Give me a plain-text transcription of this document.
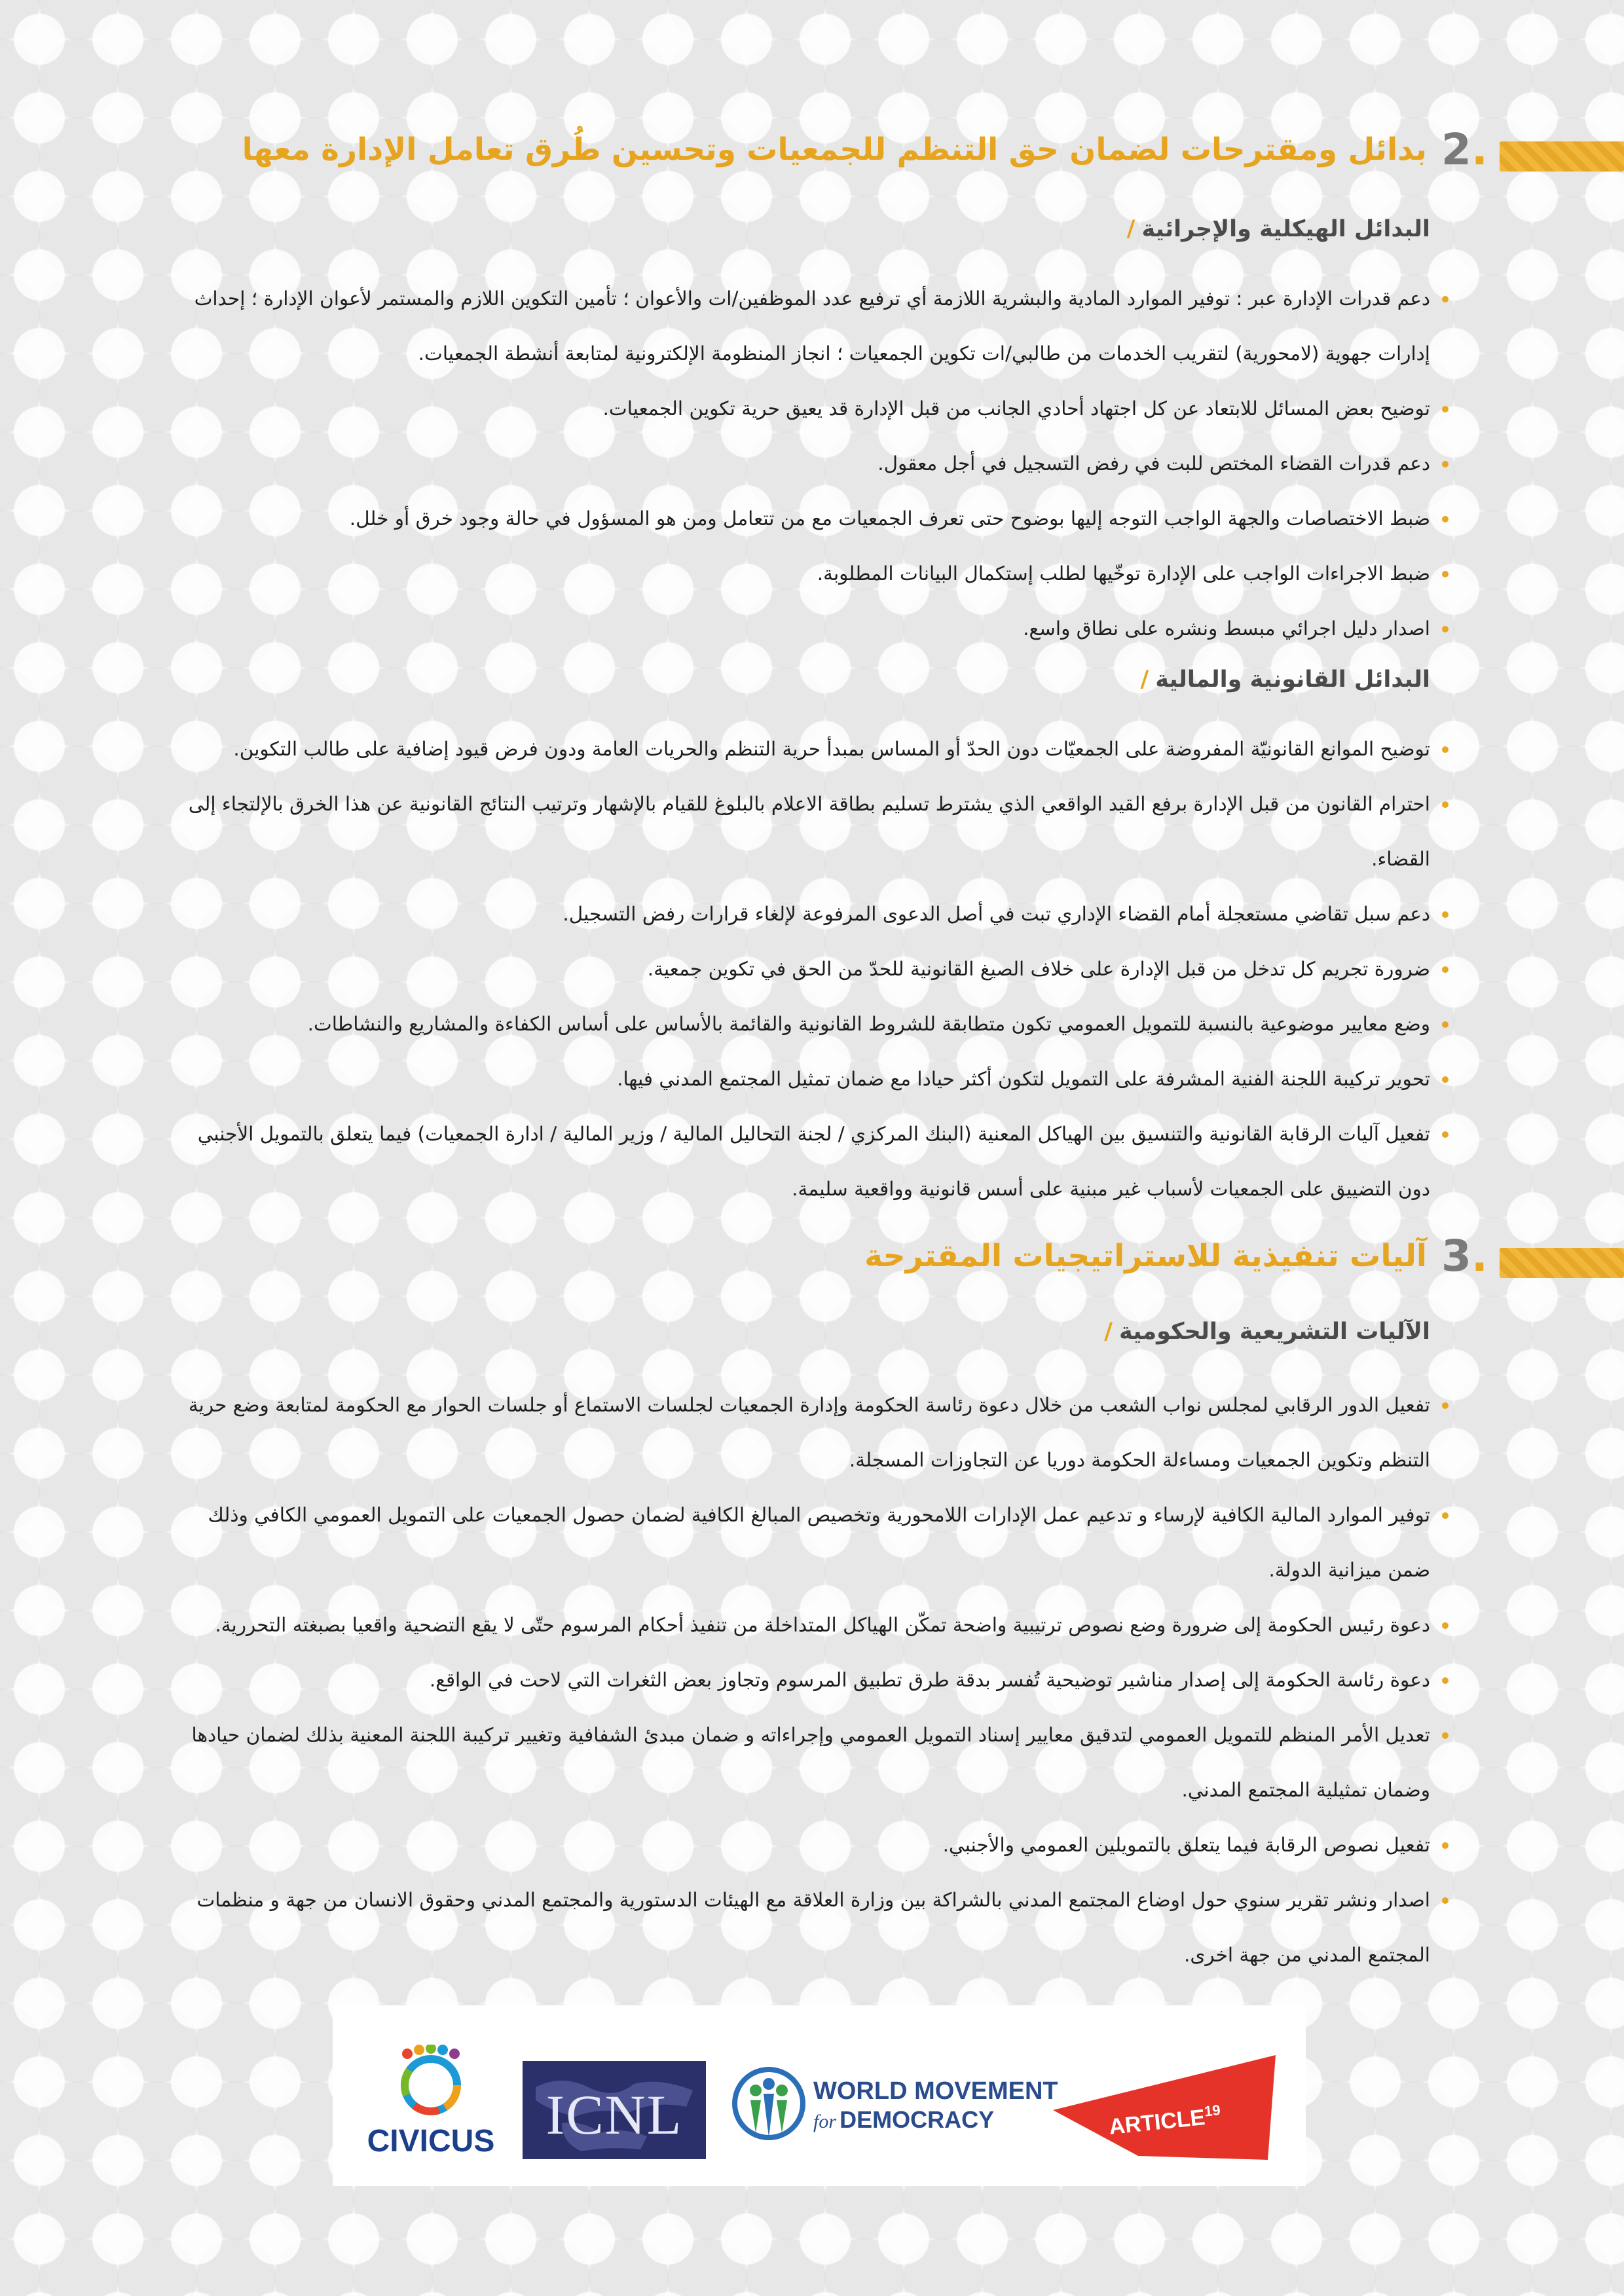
2.
بدائل ومقترحات لضمان حق التنظم للجمعيات وتحسين طُرق تعامل الإدارة معها
البدائل الهيكلية والإجرائية/
دعم قدرات الإدارة عبر : توفير الموارد المادية والبشرية اللازمة أي ترفيع عدد الموظفين/ات والأعوان ؛ تأمين التكوين اللازم والمستمر لأعوان الإدارة ؛ إحداث إدارات جهوية (لامحورية) لتقريب الخدمات من طالبي/ات تكوين الجمعيات ؛ انجاز المنظومة الإلكترونية لمتابعة أنشطة الجمعيات.
توضيح بعض المسائل للابتعاد عن كل اجتهاد أحادي الجانب من قبل الإدارة قد يعيق حرية تكوين الجمعيات.
دعم قدرات القضاء المختص للبت في رفض التسجيل في أجل معقول.
ضبط الاختصاصات والجهة الواجب التوجه إليها بوضوح حتى تعرف الجمعيات مع من تتعامل ومن هو المسؤول في حالة وجود خرق أو خلل.
ضبط الاجراءات الواجب على الإدارة توخّيها لطلب إستكمال البيانات المطلوبة.
اصدار دليل اجرائي مبسط ونشره على نطاق واسع.
البدائل القانونية والمالية/
توضيح الموانع القانونيّة المفروضة على الجمعيّات دون الحدّ أو المساس بمبدأ حرية التنظم والحريات العامة ودون فرض قيود إضافية على طالب التكوين.
احترام القانون من قبل الإدارة برفع القيد الواقعي الذي يشترط تسليم بطاقة الاعلام بالبلوغ للقيام بالإشهار وترتيب النتائج القانونية عن هذا الخرق بالإلتجاء إلى القضاء.
دعم سبل تقاضي مستعجلة أمام القضاء الإداري تبت في أصل الدعوى المرفوعة لإلغاء قرارات رفض التسجيل.
ضرورة تجريم كل تدخل من قبل الإدارة على خلاف الصيغ القانونية للحدّ من الحق في تكوين جمعية.
وضع معايير موضوعية بالنسبة للتمويل العمومي تكون متطابقة للشروط القانونية والقائمة بالأساس على أساس الكفاءة والمشاريع والنشاطات.
تحوير تركيبة اللجنة الفنية المشرفة على التمويل لتكون أكثر حيادا مع ضمان تمثيل المجتمع المدني فيها.
تفعيل آليات الرقابة القانونية والتنسيق بين الهياكل المعنية (البنك المركزي / لجنة التحاليل المالية / وزير المالية / ادارة الجمعيات) فيما يتعلق بالتمويل الأجنبي دون التضييق على الجمعيات لأسباب غير مبنية على أسس قانونية وواقعية سليمة.
3.
آليات تنفيذية للاستراتيجيات المقترحة
الآليات التشريعية والحكومية/
تفعيل الدور الرقابي لمجلس نواب الشعب من خلال دعوة رئاسة الحكومة وإدارة الجمعيات لجلسات الاستماع أو جلسات الحوار مع الحكومة لمتابعة وضع حرية التنظم وتكوين الجمعيات ومساءلة الحكومة دوريا عن التجاوزات المسجلة.
توفير الموارد المالية الكافية لإرساء و تدعيم عمل الإدارات اللامحورية وتخصيص المبالغ الكافية لضمان حصول الجمعيات على التمويل العمومي الكافي وذلك ضمن ميزانية الدولة.
دعوة رئيس الحكومة إلى ضرورة وضع نصوص ترتيبية واضحة تمكّن الهياكل المتداخلة من تنفيذ أحكام المرسوم حتّى لا يقع التضحية واقعيا بصبغته التحررية.
دعوة رئاسة الحكومة إلى إصدار مناشير توضيحية تُفسر بدقة طرق تطبيق المرسوم وتجاوز بعض الثغرات التي لاحت في الواقع.
تعديل الأمر المنظم للتمويل العمومي لتدقيق معايير إسناد التمويل العمومي وإجراءاته و ضمان مبدئ الشفافية وتغيير تركيبة اللجنة المعنية بذلك لضمان حيادها وضمان تمثيلية المجتمع المدني.
تفعيل نصوص الرقابة فيما يتعلق بالتمويلين العمومي والأجنبي.
اصدار ونشر تقرير سنوي حول اوضاع المجتمع المدني بالشراكة بين وزارة العلاقة مع الهيئات الدستورية والمجتمع المدني وحقوق الانسان من جهة و منظمات المجتمع المدني من جهة اخرى.
CIVICUS ICNL	WORLD MOVEMENT
for DEMOCRACY	ARTICLE$^{19}$
